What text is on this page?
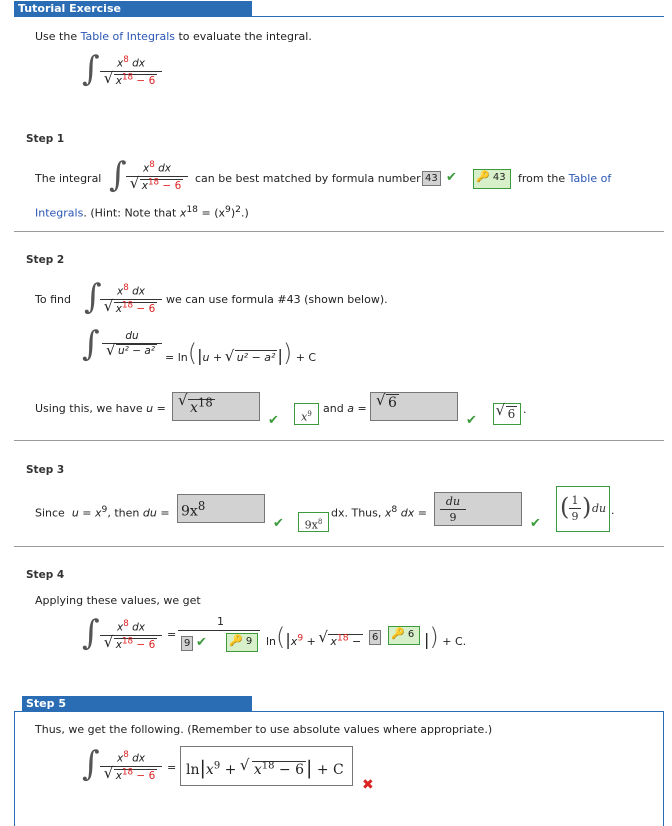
Tutorial Exercise
Use the Table of Integrals to evaluate the integral.
∫	$x^8$ dx
√ $x^{18} - 6$
Step 1
The integral ∫	$x^8$ dx
√ $x^{18} - 6$
can be best matched by formula number 43 ✔ 🔑 43	from the Table of
Integrals. (Hint: Note that $x^{18} = (x^9)^2$.)
Step 2
To find ∫	$x^8$ dx
√ $x^{18} - 6$
we can use formula #43 (shown below).
∫	du
√ u² − a² = ln(|u + √ u² − a² |) + C
Using this, we have u =	√ $x^{18}$
✔	$x^9$	and a =	√ 6
✔	√ 6 .
Step 3
Since $u = x^9$, then du = $9x^8$
✔	$9x^8$
dx. Thus, $x^8$ dx =
du
9	✔
( 1
9 ) du .
Step 4
Applying these values, we get
∫	$x^8$ dx
√ $x^{18} - 6$
=
1
9 ✔ 🔑 9	$\ln(|x^9$ + √ $x^{18}$ −	6 🔑 6 |) + C.
Step 5
Thus, we get the following. (Remember to use absolute values where appropriate.)
∫	$x^8$ dx
√ $x^{18} - 6$
= $\ln|x^9$ + √ $x^{18} - 6$ | + C
✖
